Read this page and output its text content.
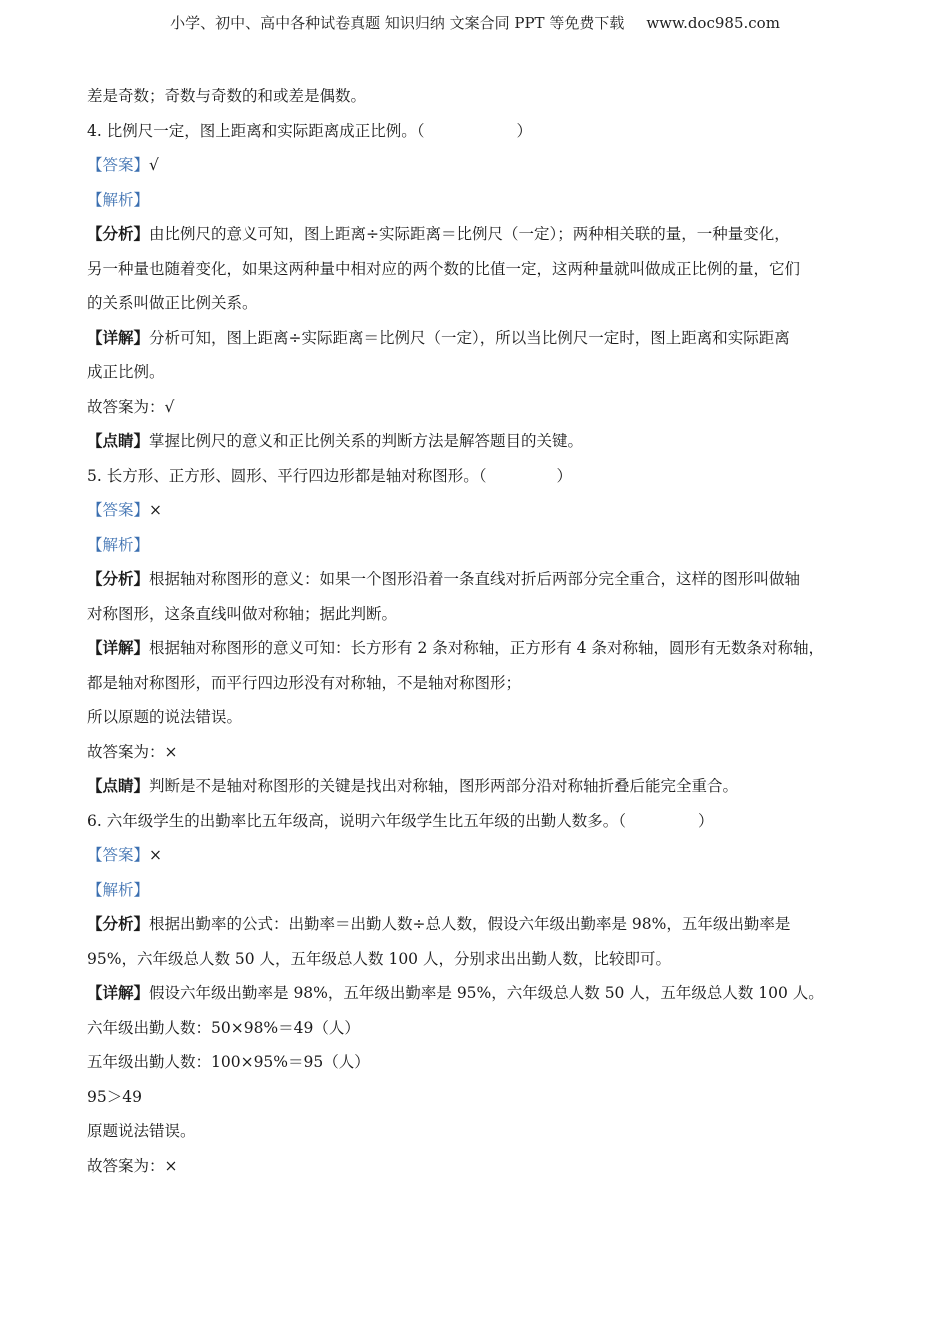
小学、初中、高中各种试卷真题 知识归纳 文案合同 PPT 等免费下载 www.doc985.com
差是奇数；奇数与奇数的和或差是偶数。
4. 比例尺一定，图上距离和实际距离成正比例。（	）
【答案】√
【解析】
【分析】由比例尺的意义可知，图上距离÷实际距离＝比例尺（一定）；两种相关联的量，一种量变化，
另一种量也随着变化，如果这两种量中相对应的两个数的比值一定，这两种量就叫做成正比例的量，它们
的关系叫做正比例关系。
【详解】分析可知，图上距离÷实际距离＝比例尺（一定），所以当比例尺一定时，图上距离和实际距离
成正比例。
故答案为：√
【点睛】掌握比例尺的意义和正比例关系的判断方法是解答题目的关键。
5. 长方形、正方形、圆形、平行四边形都是轴对称图形。（	）
【答案】×
【解析】
【分析】根据轴对称图形的意义：如果一个图形沿着一条直线对折后两部分完全重合，这样的图形叫做轴
对称图形，这条直线叫做对称轴；据此判断。
【详解】根据轴对称图形的意义可知：长方形有 2 条对称轴，正方形有 4 条对称轴，圆形有无数条对称轴，
都是轴对称图形，而平行四边形没有对称轴，不是轴对称图形；
所以原题的说法错误。
故答案为：×
【点睛】判断是不是轴对称图形的关键是找出对称轴，图形两部分沿对称轴折叠后能完全重合。
6. 六年级学生的出勤率比五年级高，说明六年级学生比五年级的出勤人数多。（	）
【答案】×
【解析】
【分析】根据出勤率的公式：出勤率＝出勤人数÷总人数，假设六年级出勤率是 98%，五年级出勤率是
95%，六年级总人数 50 人，五年级总人数 100 人，分别求出出勤人数，比较即可。
【详解】假设六年级出勤率是 98%，五年级出勤率是 95%，六年级总人数 50 人，五年级总人数 100 人。
六年级出勤人数：50×98%＝49（人）
五年级出勤人数：100×95%＝95（人）
95＞49
原题说法错误。
故答案为：×
